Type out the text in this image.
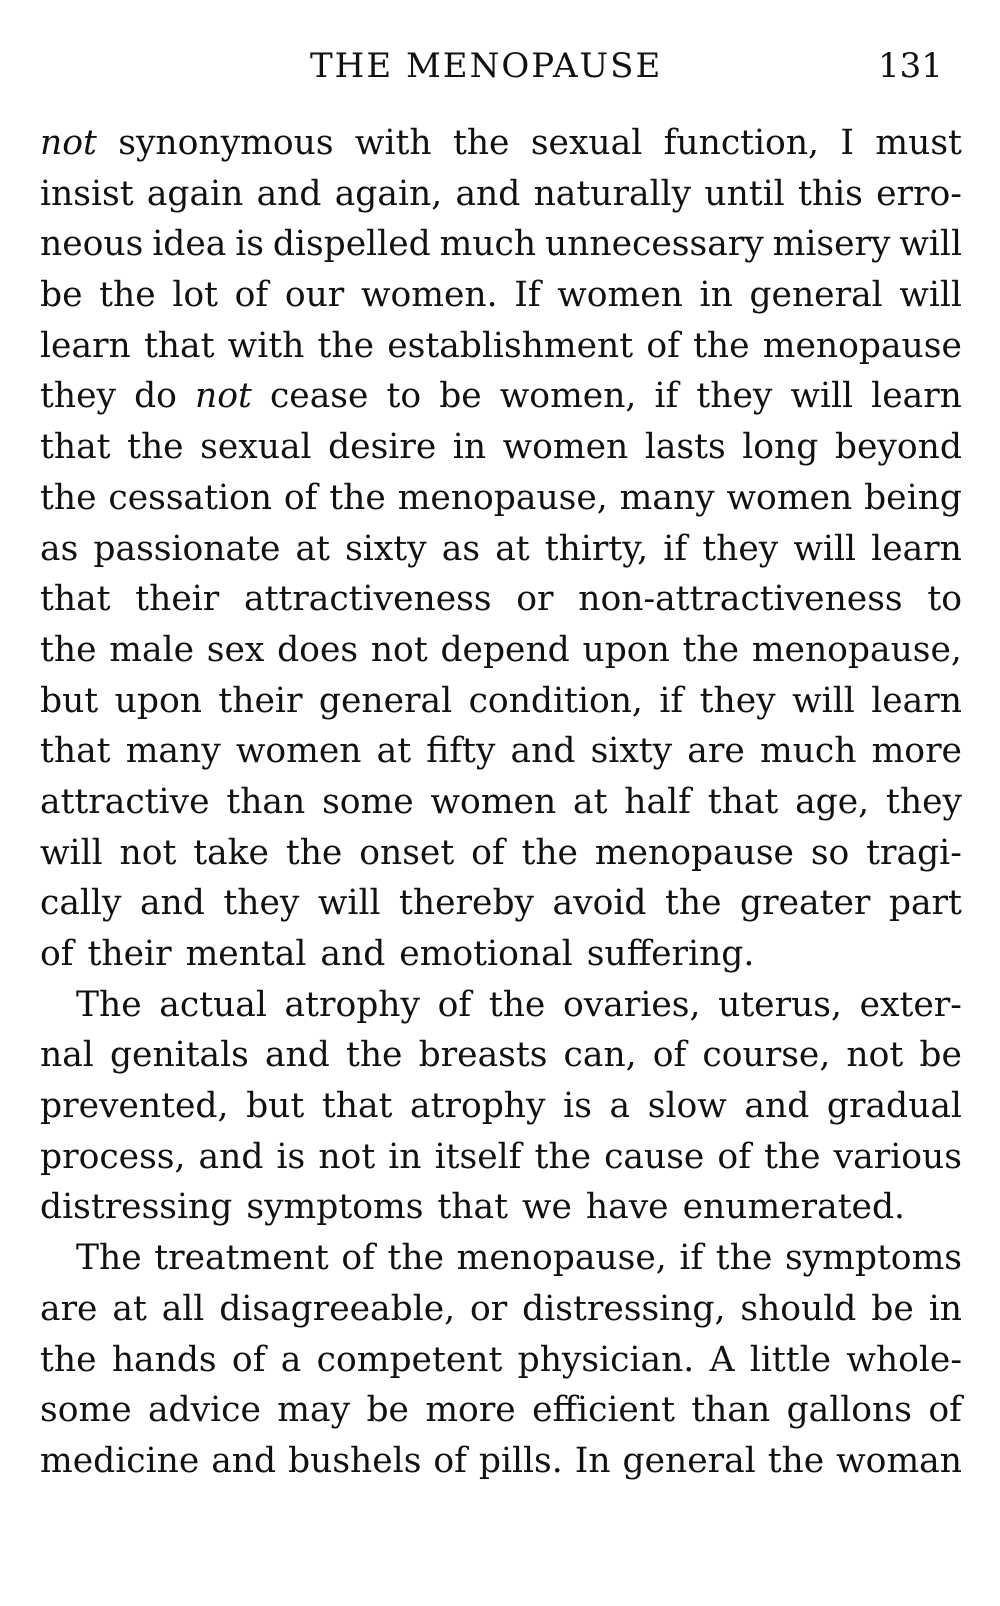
THE MENOPAUSE	131
not synonymous with the sexual function, I must
insist again and again, and naturally until this erro-
neous idea is dispelled much unnecessary misery will
be the lot of our women. If women in general will
learn that with the establishment of the menopause
they do not cease to be women, if they will learn
that the sexual desire in women lasts long beyond
the cessation of the menopause, many women being
as passionate at sixty as at thirty, if they will learn
that their attractiveness or non-attractiveness to
the male sex does not depend upon the menopause,
but upon their general condition, if they will learn
that many women at fifty and sixty are much more
attractive than some women at half that age, they
will not take the onset of the menopause so tragi-
cally and they will thereby avoid the greater part
of their mental and emotional suffering.
The actual atrophy of the ovaries, uterus, exter-
nal genitals and the breasts can, of course, not be
prevented, but that atrophy is a slow and gradual
process, and is not in itself the cause of the various
distressing symptoms that we have enumerated.
The treatment of the menopause, if the symptoms
are at all disagreeable, or distressing, should be in
the hands of a competent physician. A little whole-
some advice may be more efficient than gallons of
medicine and bushels of pills. In general the woman
